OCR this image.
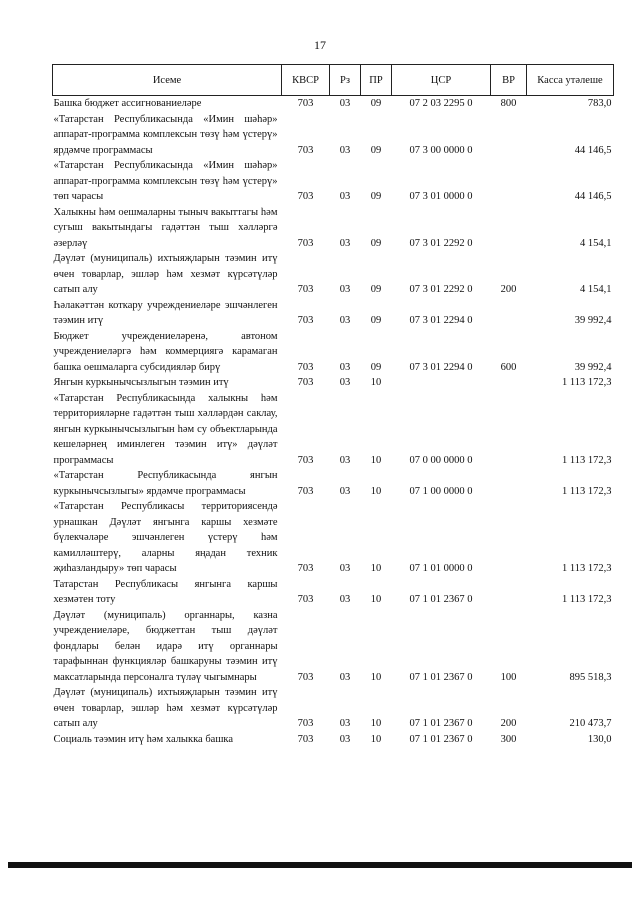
17
Исеме	КВСР	Рз	ПР	ЦСР	ВР	Касса утәлеше
Башка бюджет ассигнованиеләре	703	03	09	07 2 03 2295 0	800	783,0
«Татарстан Республикасында «Имин шәһәр» аппарат-программа комплексын төзү һәм үстерү» ярдәмче программасы	703	03	09	07 3 00 0000 0		44 146,5
«Татарстан Республикасында «Имин шәһәр» аппарат-программа комплексын төзү һәм үстерү» төп чарасы	703	03	09	07 3 01 0000 0		44 146,5
Халыкны һәм оешмаларны тыныч вакыттагы һәм сугыш вакытындагы гадәттән тыш хәлләргә әзерләү	703	03	09	07 3 01 2292 0		4 154,1
Дәүләт (муниципаль) ихтыяҗларын тәэмин итү өчен товарлар, эшләр һәм хезмәт күрсәтүләр сатып алу	703	03	09	07 3 01 2292 0	200	4 154,1
Һәлакәттән коткару учреждениеләре эшчәнлеген тәэмин итү	703	03	09	07 3 01 2294 0		39 992,4
Бюджет учреждениеләренә, автоном учреждениеләргә һәм коммерциягә карамаган башка оешмаларга субсидияләр бирү	703	03	09	07 3 01 2294 0	600	39 992,4
Янгын куркынычсызлыгын тәэмин итү	703	03	10			1 113 172,3
«Татарстан Республикасында халыкны һәм территорияләрне гадәттән тыш хәлләрдән саклау, янгын куркынычсызлыгын һәм су объектларында кешеләрнең иминлеген тәэмин итү» дәүләт программасы	703	03	10	07 0 00 0000 0		1 113 172,3
«Татарстан Республикасында янгын куркынычсызлыгы» ярдәмче программасы	703	03	10	07 1 00 0000 0		1 113 172,3
«Татарстан Республикасы территориясендә урнашкан Дәүләт янгынга каршы хезмәте бүлекчәләре эшчәнлеген үстерү һәм камилләштерү, аларны яңадан техник җиһазландыру» төп чарасы	703	03	10	07 1 01 0000 0		1 113 172,3
Татарстан Республикасы янгынга каршы хезмәтен тоту	703	03	10	07 1 01 2367 0		1 113 172,3
Дәүләт (муниципаль) органнары, казна учреждениеләре, бюджеттан тыш дәүләт фондлары белән идарә итү органнары тарафыннан функцияләр башкаруны тәэмин итү максатларында персоналга түләү чыгымнары	703	03	10	07 1 01 2367 0	100	895 518,3
Дәүләт (муниципаль) ихтыяҗларын тәэмин итү өчен товарлар, эшләр һәм хезмәт күрсәтүләр сатып алу	703	03	10	07 1 01 2367 0	200	210 473,7
Социаль тәэмин итү һәм халыкка башка	703	03	10	07 1 01 2367 0	300	130,0
